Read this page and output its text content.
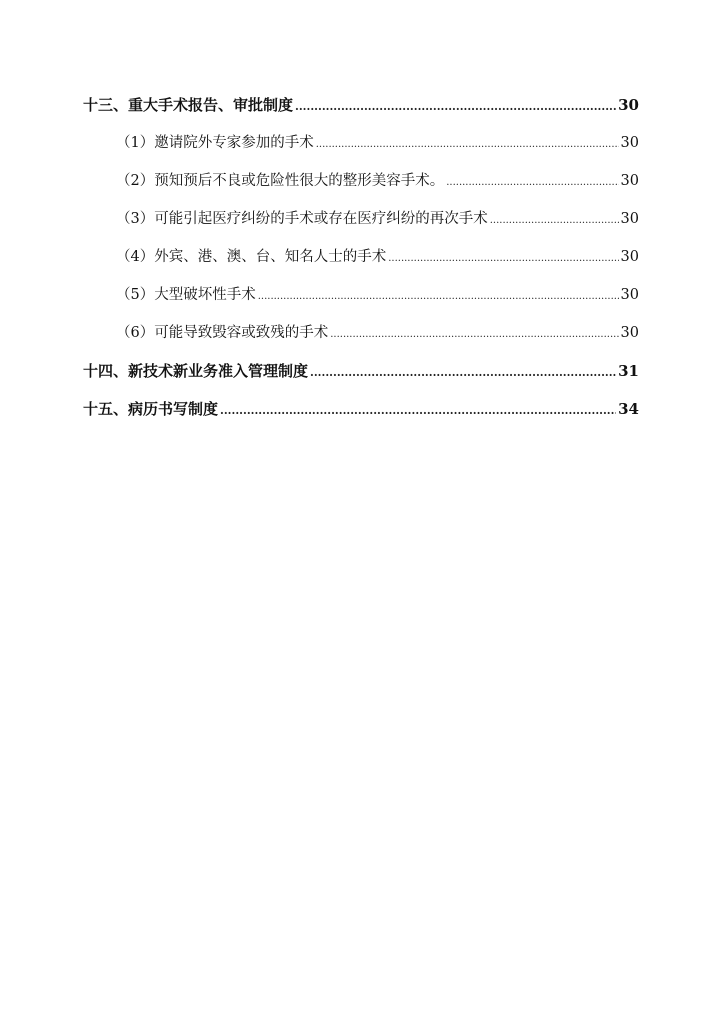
十三、重大手术报告、审批制度 .....	30
（1）邀请院外专家参加的手术 .....	30
（2）预知预后不良或危险性很大的整形美容手术。 .....	30
（3）可能引起医疗纠纷的手术或存在医疗纠纷的再次手术 .....	30
（4）外宾、港、澳、台、知名人士的手术 .....	30
（5）大型破坏性手术 .....	30
（6）可能导致毁容或致残的手术 .....	30
十四、新技术新业务准入管理制度 .....	31
十五、病历书写制度 .....	34
